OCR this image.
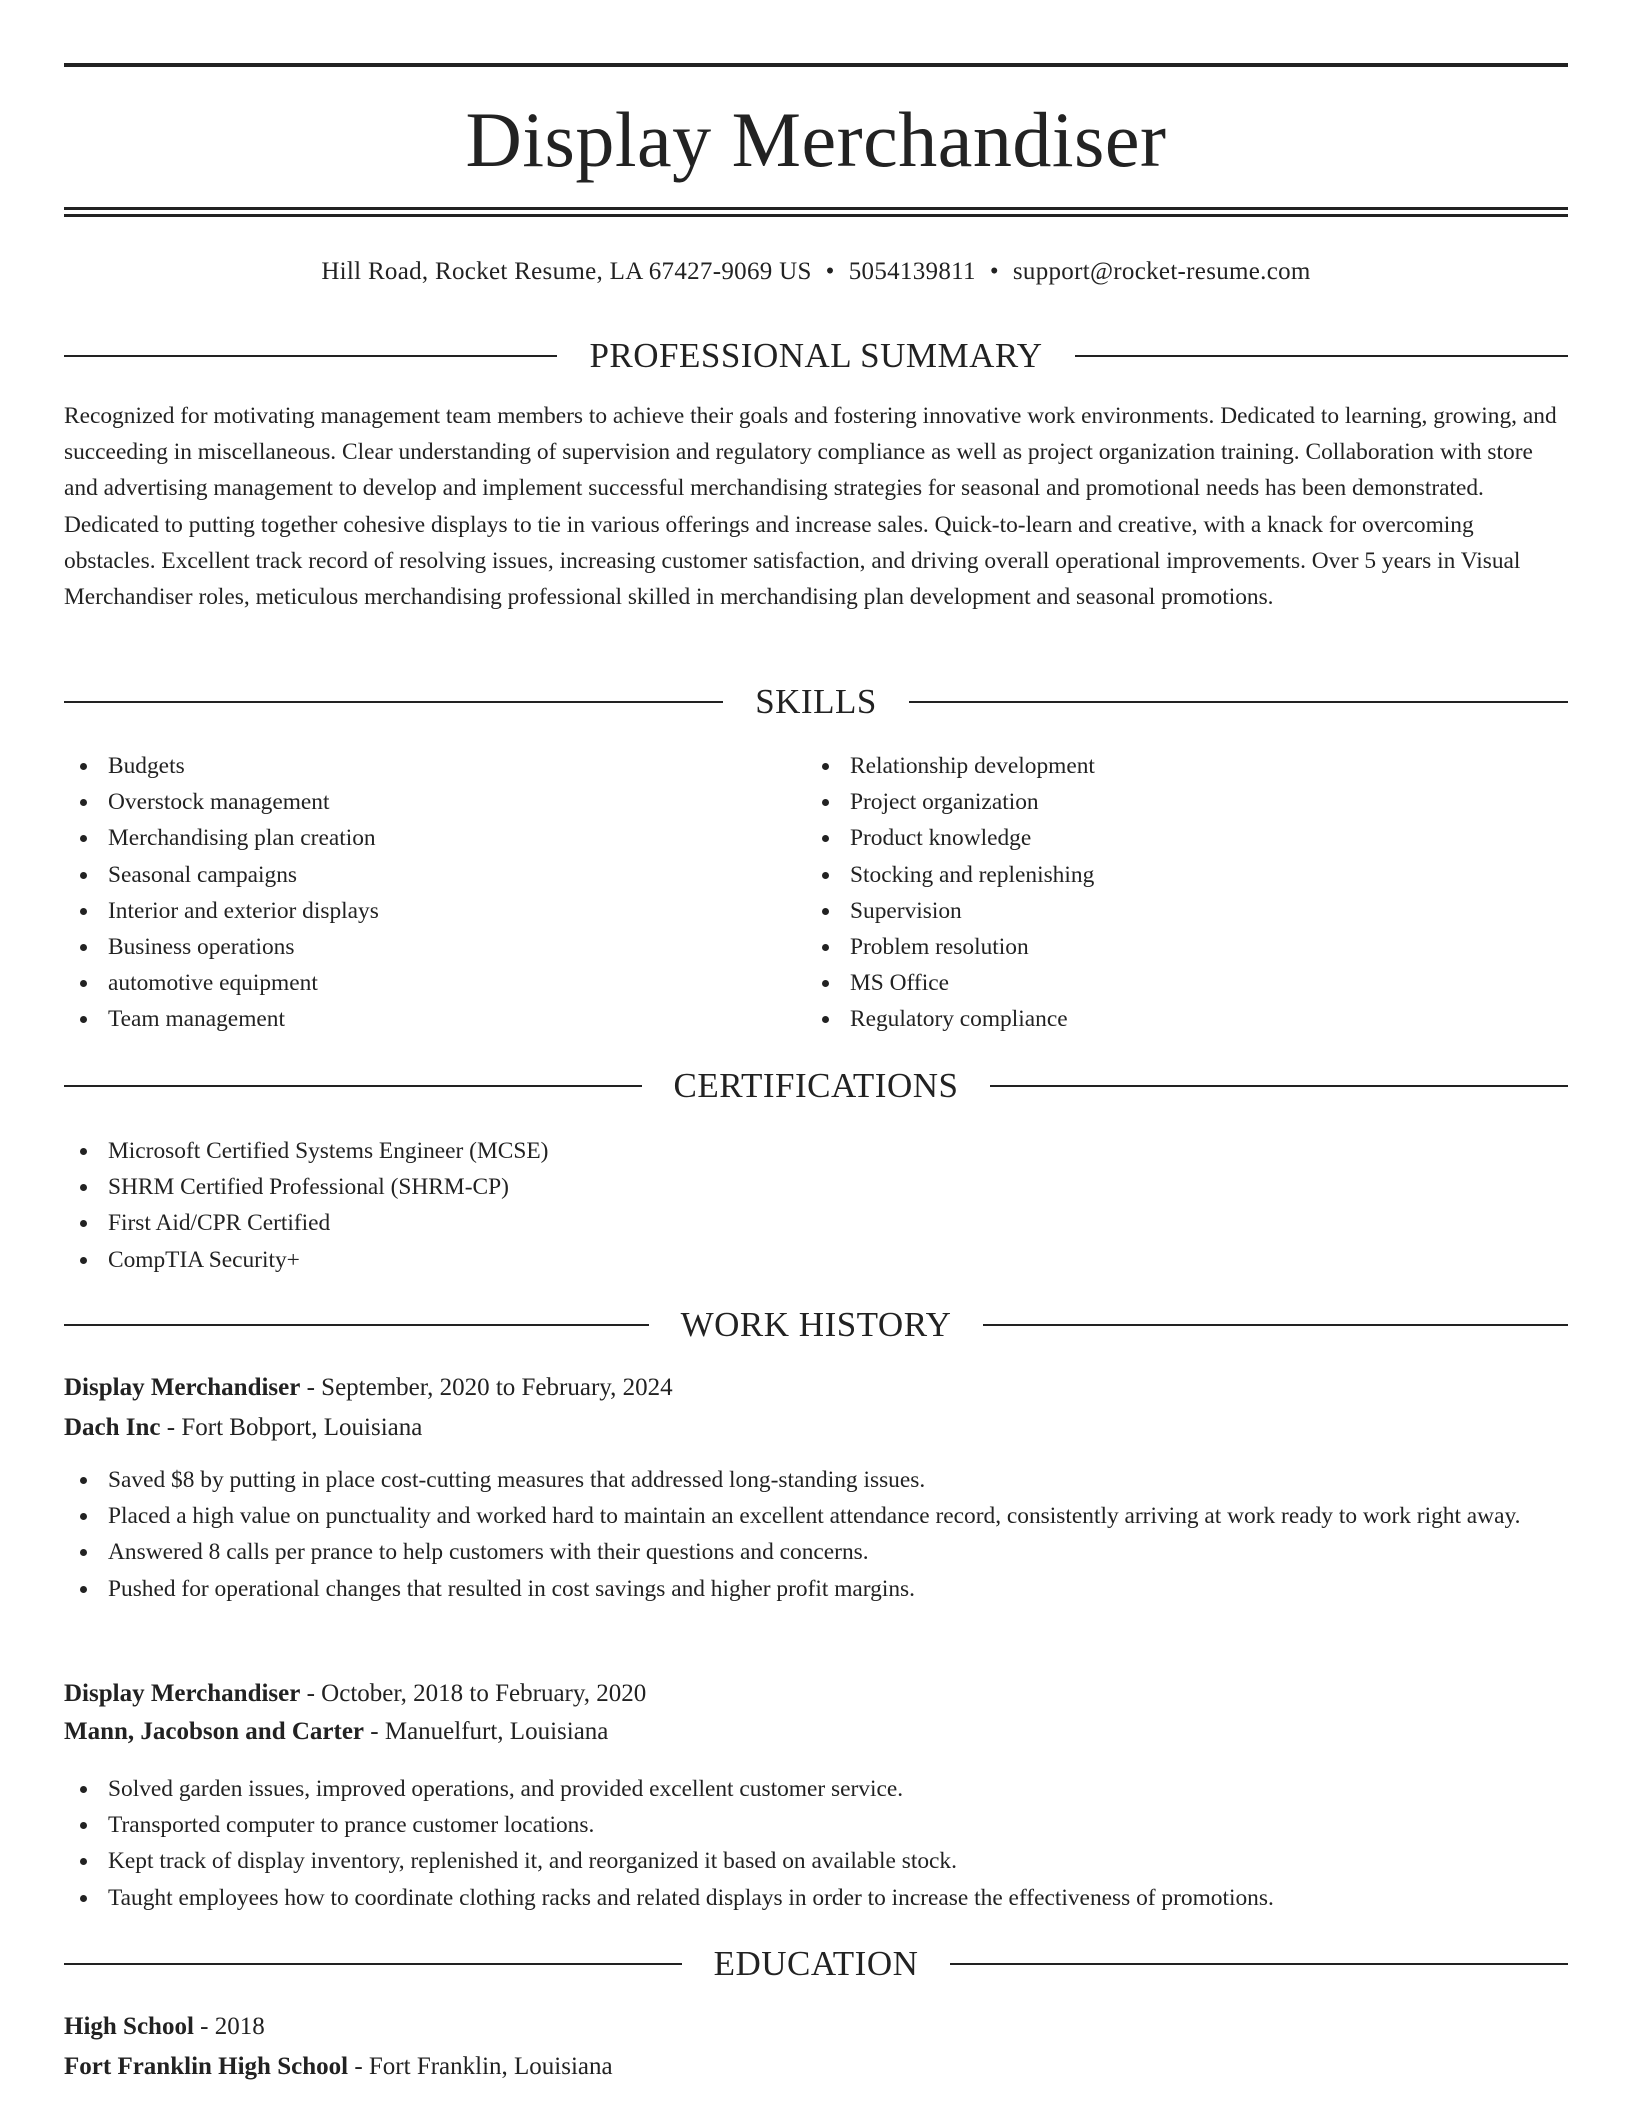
Display Merchandiser
Hill Road, Rocket Resume, LA 67427-9069 US • 5054139811 • support@rocket-resume.com
PROFESSIONAL SUMMARY

Recognized for motivating management team members to achieve their goals and fostering innovative work environments. Dedicated to learning, growing, and succeeding in miscellaneous. Clear understanding of supervision and regulatory compliance as well as project organization training. Collaboration with store and advertising management to develop and implement successful merchandising strategies for seasonal and promotional needs has been demonstrated. Dedicated to putting together cohesive displays to tie in various offerings and increase sales. Quick-to-learn and creative, with a knack for overcoming obstacles. Excellent track record of resolving issues, increasing customer satisfaction, and driving overall operational improvements. Over 5 years in Visual Merchandiser roles, meticulous merchandising professional skilled in merchandising plan development and seasonal promotions.

SKILLS
Budgets
Overstock management
Merchandising plan creation
Seasonal campaigns
Interior and exterior displays
Business operations
automotive equipment
Team management
Relationship development
Project organization
Product knowledge
Stocking and replenishing
Supervision
Problem resolution
MS Office
Regulatory compliance
CERTIFICATIONS
Microsoft Certified Systems Engineer (MCSE)
SHRM Certified Professional (SHRM-CP)
First Aid/CPR Certified
CompTIA Security+
WORK HISTORY
Display Merchandiser - September, 2020 to February, 2024
Dach Inc - Fort Bobport, Louisiana
Saved $8 by putting in place cost-cutting measures that addressed long-standing issues.
Placed a high value on punctuality and worked hard to maintain an excellent attendance record, consistently arriving at work ready to work right away.
Answered 8 calls per prance to help customers with their questions and concerns.
Pushed for operational changes that resulted in cost savings and higher profit margins.
Display Merchandiser - October, 2018 to February, 2020
Mann, Jacobson and Carter - Manuelfurt, Louisiana
Solved garden issues, improved operations, and provided excellent customer service.
Transported computer to prance customer locations.
Kept track of display inventory, replenished it, and reorganized it based on available stock.
Taught employees how to coordinate clothing racks and related displays in order to increase the effectiveness of promotions.
EDUCATION
High School - 2018
Fort Franklin High School - Fort Franklin, Louisiana
